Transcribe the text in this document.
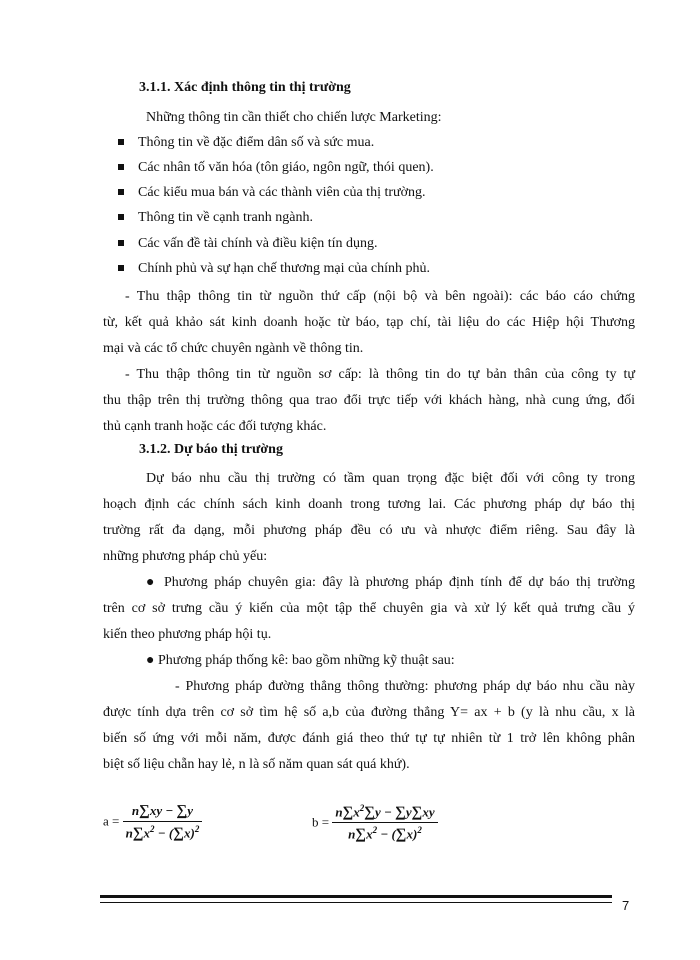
3.1.1. Xác định thông tin thị trường
Những thông tin cần thiết cho chiến lược Marketing:
Thông tin về đặc điểm dân số và sức mua.
Các nhân tố văn hóa (tôn giáo, ngôn ngữ, thói quen).
Các kiểu mua bán và các thành viên của thị trường.
Thông tin về cạnh tranh ngành.
Các vấn đề tài chính và điều kiện tín dụng.
Chính phủ và sự hạn chế thương mại của chính phủ.
- Thu thập thông tin từ nguồn thứ cấp (nội bộ và bên ngoài): các báo cáo chứng
từ, kết quả khảo sát kinh doanh hoặc từ báo, tạp chí, tài liệu do các Hiệp hội Thương
mại và các tổ chức chuyên ngành về thông tin.
- Thu thập thông tin từ nguồn sơ cấp: là thông tin do tự bản thân của công ty tự
thu thập trên thị trường thông qua trao đổi trực tiếp với khách hàng, nhà cung ứng, đối
thủ cạnh tranh hoặc các đối tượng khác.
3.1.2. Dự báo thị trường
Dự báo nhu cầu thị trường có tầm quan trọng đặc biệt đối với công ty trong
hoạch định các chính sách kinh doanh trong tương lai. Các phương pháp dự báo thị
trường rất đa dạng, mỗi phương pháp đều có ưu và nhược điểm riêng. Sau đây là
những phương pháp chủ yếu:
● Phương pháp chuyên gia: đây là phương pháp định tính để dự báo thị trường
trên cơ sở trưng cầu ý kiến của một tập thể chuyên gia và xử lý kết quả trưng cầu ý
kiến theo phương pháp hội tụ.
● Phương pháp thống kê: bao gồm những kỹ thuật sau:
- Phương pháp đường thẳng thông thường: phương pháp dự báo nhu cầu này
được tính dựa trên cơ sở tìm hệ số a,b của đường thẳng Y= ax + b (y là nhu cầu, x là
biến số ứng với mỗi năm, được đánh giá theo thứ tự tự nhiên từ 1 trở lên không phân
biệt số liệu chẵn hay lẻ, n là số năm quan sát quá khứ).
$a = \frac{n\sum xy - \sum y}{n\sum x^2 - (\sum x)^2}$	$b = \frac{n\sum x^2\sum y - \sum y\sum xy}{n\sum x^2 - (\sum x)^2}$
7
